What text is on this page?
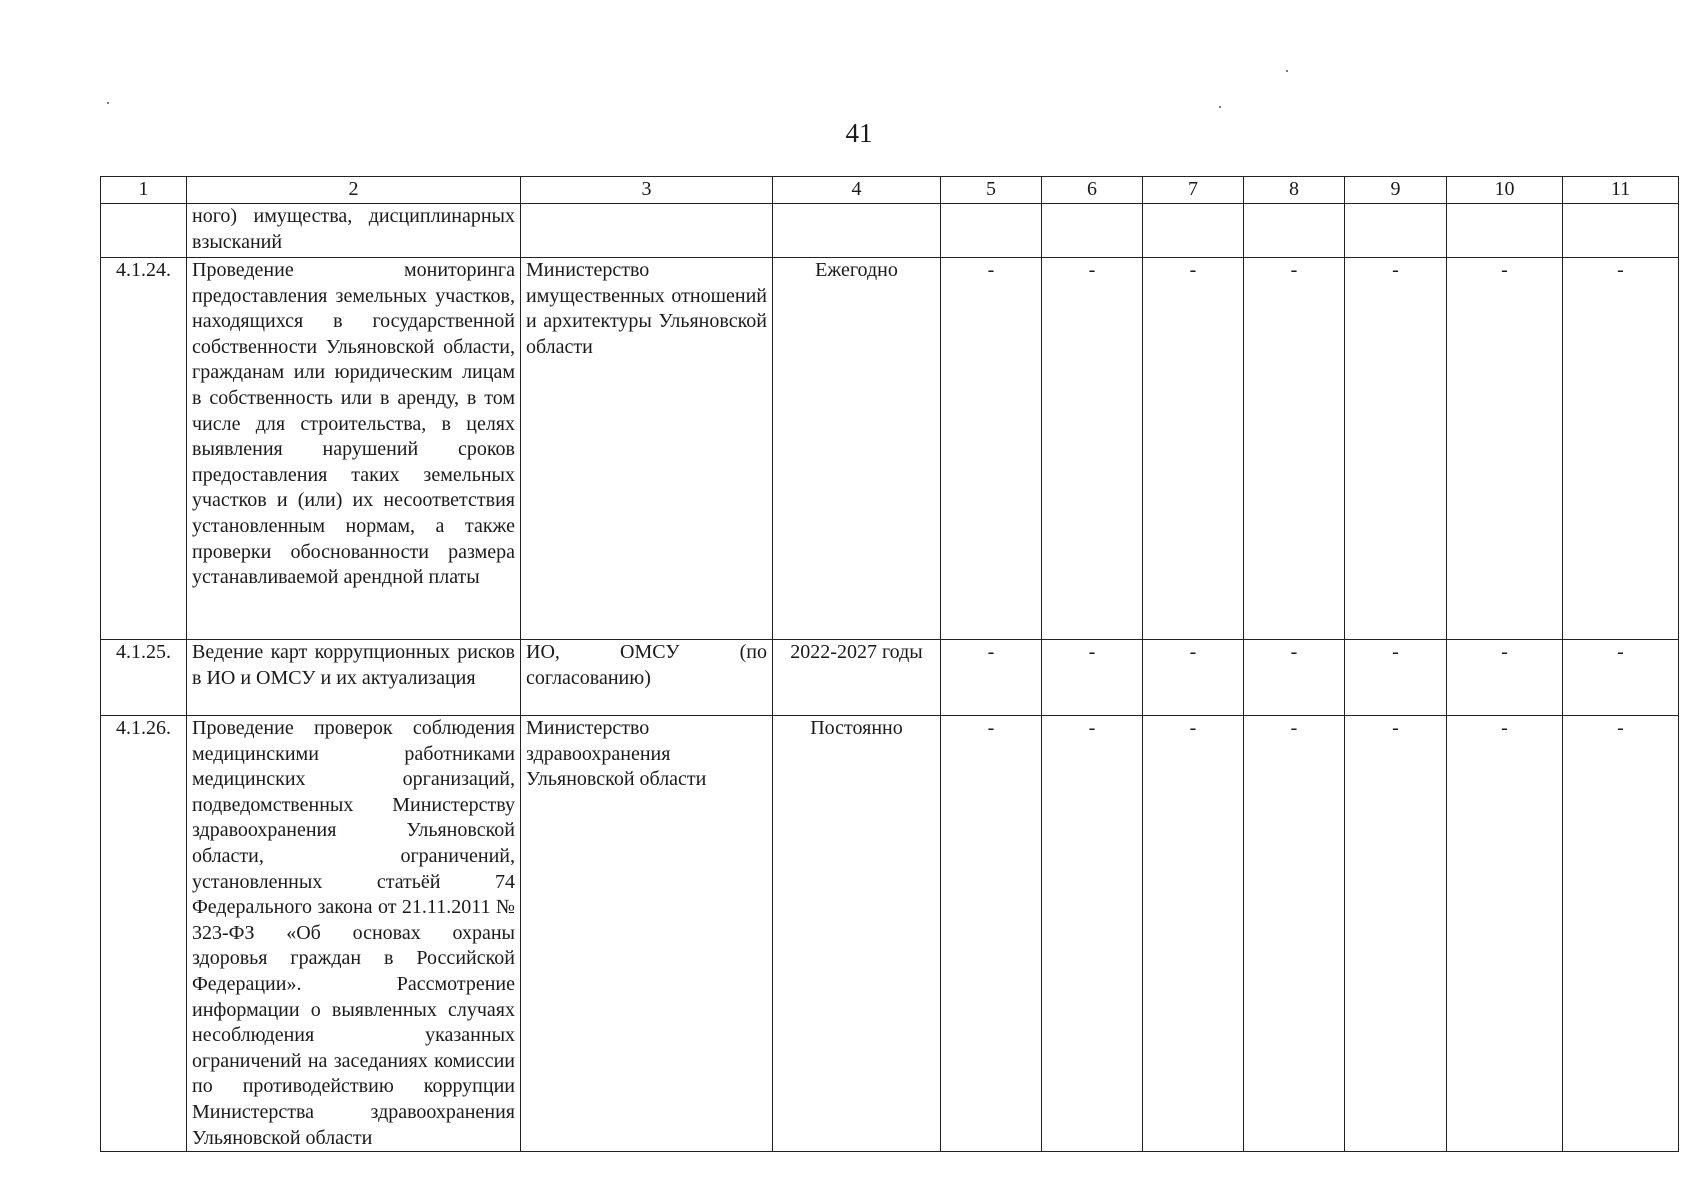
41
1	2	3	4	5	6	7	8	9	10	11
	ного) имущества, дисциплинарных взысканий									
4.1.24.	Проведение мониторинга предоставления земельных участков, находящихся в государственной собственности Ульяновской области, гражданам или юридическим лицам в собственность или в аренду, в том числе для строительства, в целях выявления нарушений сроков предоставления таких земельных участков и (или) их несоответствия установленным нормам, а также проверки обоснованности размера устанавливаемой арендной платы	Министерство имущественных отношений и архитектуры Ульяновской области	Ежегодно	-	-	-	-	-	-	-
4.1.25.	Ведение карт коррупционных рисков в ИО и ОМСУ и их актуализация	ИО, ОМСУ (по согласованию)	2022-2027 годы	-	-	-	-	-	-	-
4.1.26.	Проведение проверок соблюдения медицинскими работниками медицинских организаций, подведомственных Министерству здравоохранения Ульяновской области, ограничений, установленных статьёй 74 Федерального закона от 21.11.2011 № 323-ФЗ «Об основах охраны здоровья граждан в Российской Федерации». Рассмотрение информации о выявленных случаях несоблюдения указанных ограничений на заседаниях комиссии по противодействию коррупции Министерства здравоохранения Ульяновской области	Министерство здравоохранения Ульяновской области	Постоянно	-	-	-	-	-	-	-
